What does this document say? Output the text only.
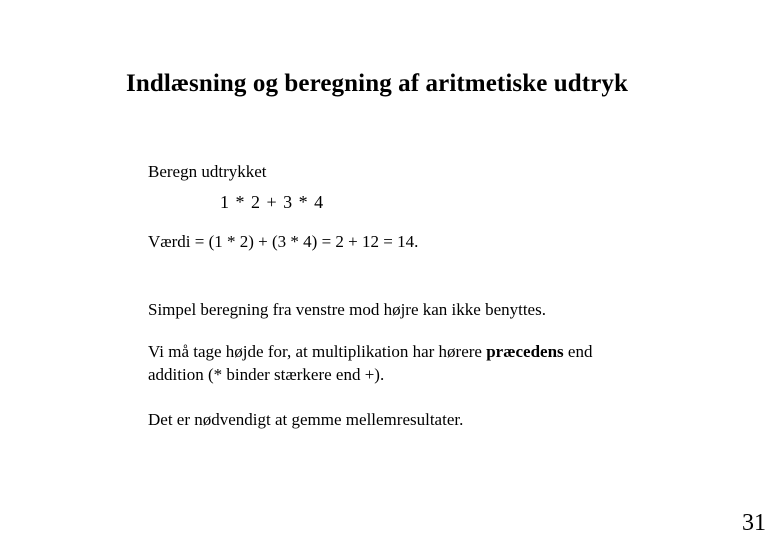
Indlæsning og beregning af aritmetiske udtryk
Beregn udtrykket
1 * 2 + 3 * 4
Værdi = (1 * 2) + (3 * 4) = 2 + 12 = 14.
Simpel beregning fra venstre mod højre kan ikke benyttes.
Vi må tage højde for, at multiplikation har hørere præcedens end
addition (* binder stærkere end +).
Det er nødvendigt at gemme mellemresultater.
31
